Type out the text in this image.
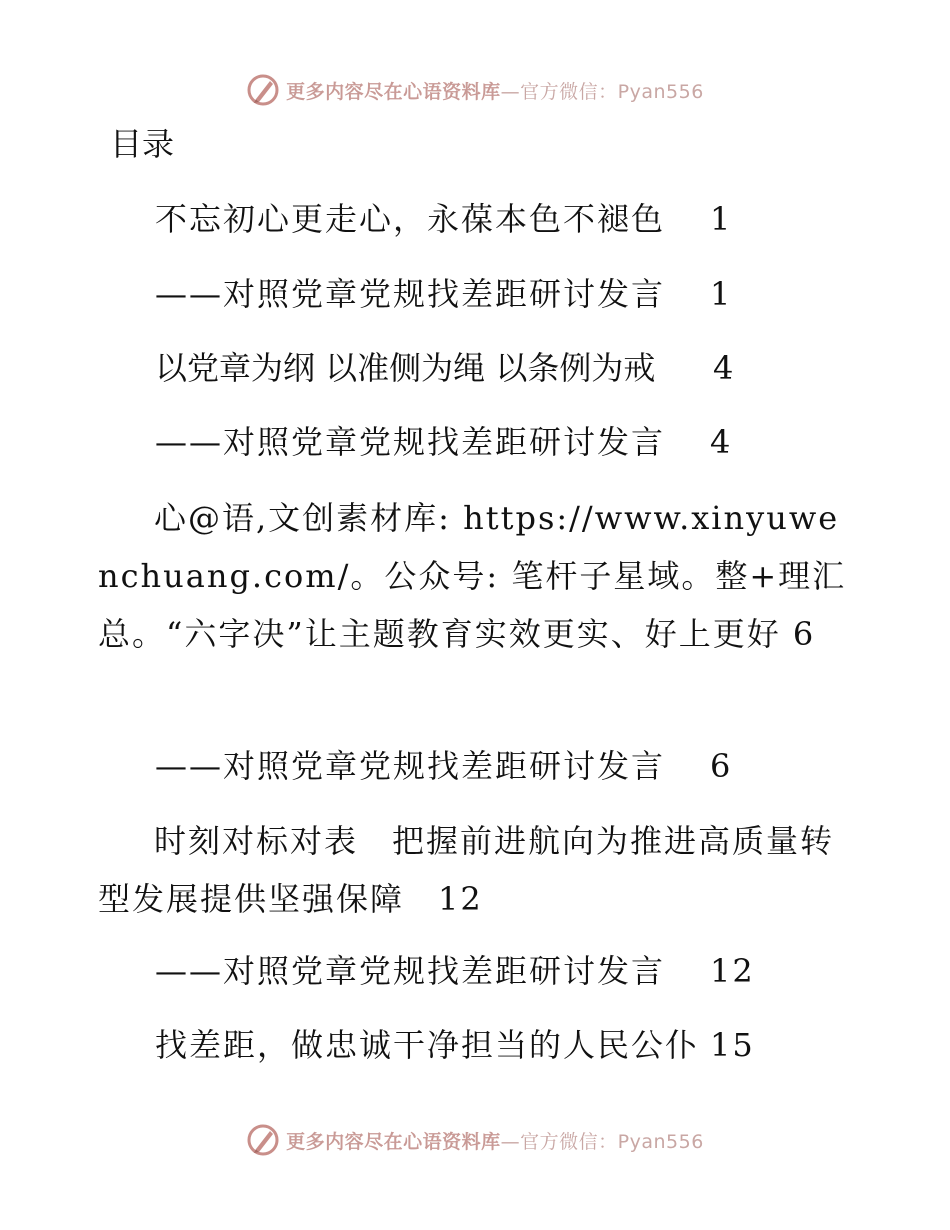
更多内容尽在心语资料库—官方微信：Pyan556
目录
不忘初心更走心，永葆本色不褪色 1
——对照党章党规找差距研讨发言 1
以党章为纲 以准侧为绳 以条例为戒 4
——对照党章党规找差距研讨发言 4
心@语,文创素材库: https://www.xinyuwenchuang.com/。公众号: 笔杆子星域。整+理汇总。“六字决”让主题教育实效更实、好上更好 6
——对照党章党规找差距研讨发言 6
时刻对标对表　把握前进航向为推进高质量转型发展提供坚强保障　12
——对照党章党规找差距研讨发言 12
找差距，做忠诚干净担当的人民公仆 15
更多内容尽在心语资料库—官方微信：Pyan556
